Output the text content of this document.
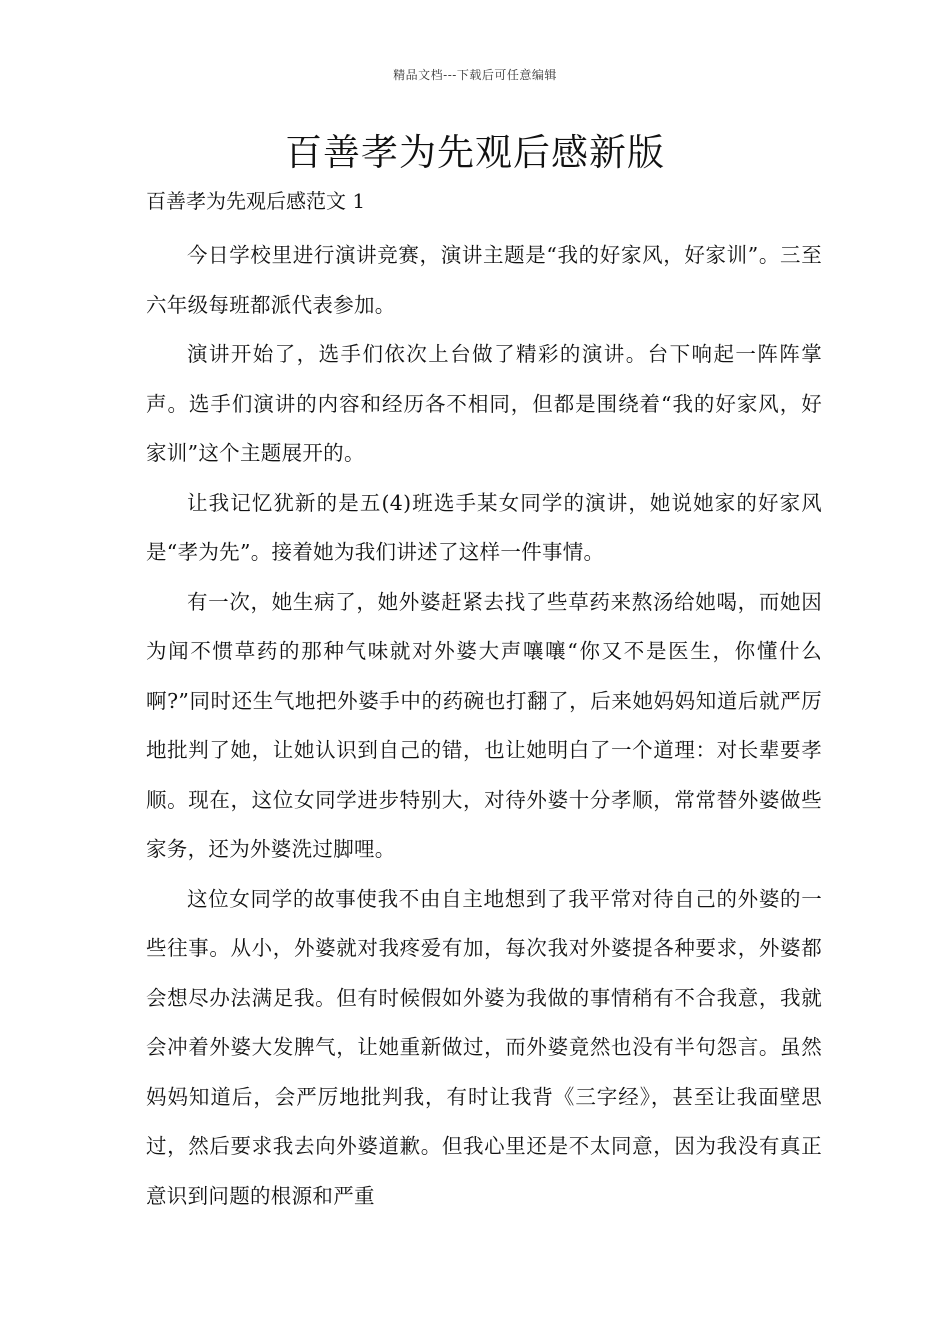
精品文档---下载后可任意编辑
百善孝为先观后感新版

百善孝为先观后感范文 1

今日学校里进行演讲竞赛，演讲主题是“我的好家风，好家训”。三至六年级每班都派代表参加。

演讲开始了，选手们依次上台做了精彩的演讲。台下响起一阵阵掌声。选手们演讲的内容和经历各不相同，但都是围绕着“我的好家风，好家训”这个主题展开的。

让我记忆犹新的是五(4)班选手某女同学的演讲，她说她家的好家风是“孝为先”。接着她为我们讲述了这样一件事情。

有一次，她生病了，她外婆赶紧去找了些草药来熬汤给她喝，而她因为闻不惯草药的那种气味就对外婆大声嚷嚷“你又不是医生，你懂什么啊?”同时还生气地把外婆手中的药碗也打翻了，后来她妈妈知道后就严厉地批判了她，让她认识到自己的错，也让她明白了一个道理：对长辈要孝顺。现在，这位女同学进步特别大，对待外婆十分孝顺，常常替外婆做些家务，还为外婆洗过脚哩。

这位女同学的故事使我不由自主地想到了我平常对待自己的外婆的一些往事。从小，外婆就对我疼爱有加，每次我对外婆提各种要求，外婆都会想尽办法满足我。但有时候假如外婆为我做的事情稍有不合我意，我就会冲着外婆大发脾气，让她重新做过，而外婆竟然也没有半句怨言。虽然妈妈知道后，会严厉地批判我，有时让我背《三字经》，甚至让我面壁思过，然后要求我去向外婆道歉。但我心里还是不太同意，因为我没有真正意识到问题的根源和严重
